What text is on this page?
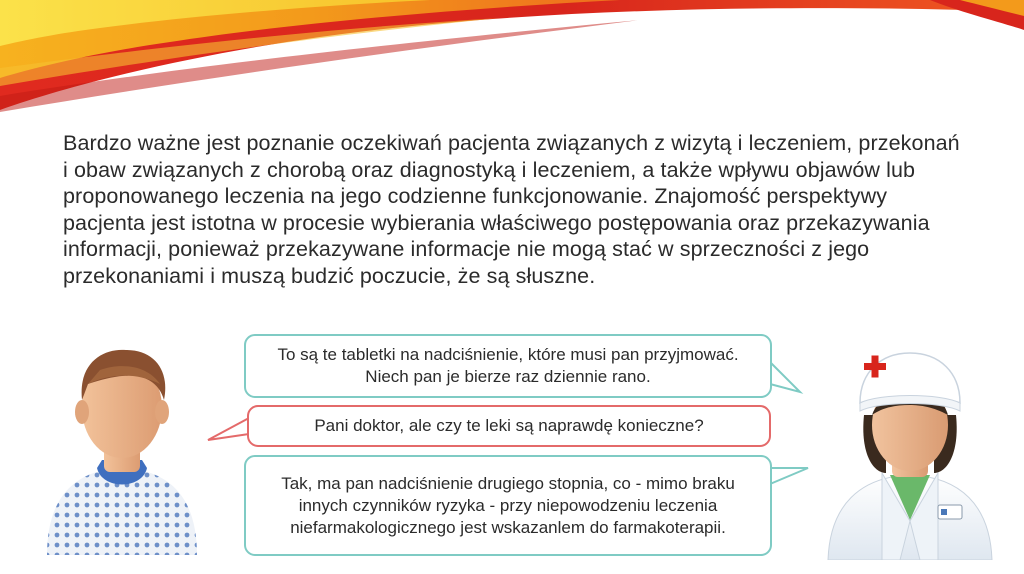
Bardzo ważne jest poznanie oczekiwań pacjenta związanych z wizytą i leczeniem, przekonań i obaw związanych z chorobą oraz diagnostyką i leczeniem, a także wpływu objawów lub proponowanego leczenia na jego codzienne funkcjonowanie. Znajomość perspektywy pacjenta jest istotna w procesie wybierania właściwego postępowania oraz przekazywania informacji, ponieważ przekazywane informacje nie mogą stać w sprzeczności z jego przekonaniami i muszą budzić poczucie, że są słuszne.

To są te tabletki na nadciśnienie, które musi pan przyjmować. Niech pan je bierze raz dziennie rano.
Pani doktor, ale czy te leki są naprawdę konieczne?
Tak, ma pan nadciśnienie drugiego stopnia, co - mimo braku innych czynników ryzyka - przy niepowodzeniu leczenia niefarmakologicznego jest wskazanlem do farmakoterapii.
